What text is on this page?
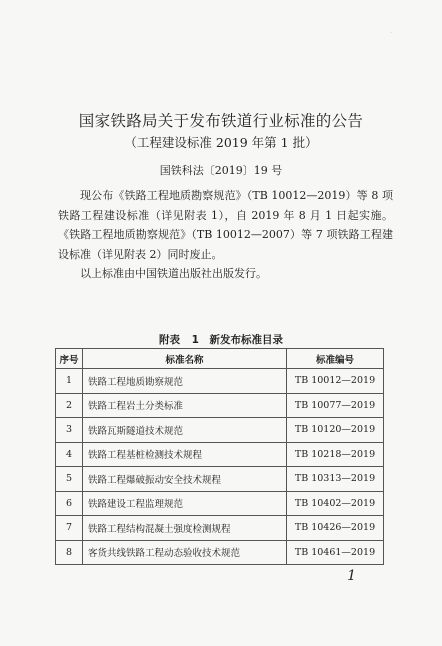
·
国家铁路局关于发布铁道行业标准的公告
（工程建设标准 2019 年第 1 批）
国铁科法〔2019〕19 号

现公布《铁路工程地质勘察规范》（TB 10012—2019）等 8 项铁路工程建设标准（详见附表 1），自 2019 年 8 月 1 日起实施。《铁路工程地质勘察规范》（TB 10012—2007）等 7 项铁路工程建设标准（详见附表 2）同时废止。

以上标准由中国铁道出版社出版发行。

附表 1　新发布标准目录
序号	标准名称	标准编号
1	铁路工程地质勘察规范	TB 10012—2019
2	铁路工程岩土分类标准	TB 10077—2019
3	铁路瓦斯隧道技术规范	TB 10120—2019
4	铁路工程基桩检测技术规程	TB 10218—2019
5	铁路工程爆破振动安全技术规程	TB 10313—2019
6	铁路建设工程监理规范	TB 10402—2019
7	铁路工程结构混凝土强度检测规程	TB 10426—2019
8	客货共线铁路工程动态验收技术规范	TB 10461—2019
1
